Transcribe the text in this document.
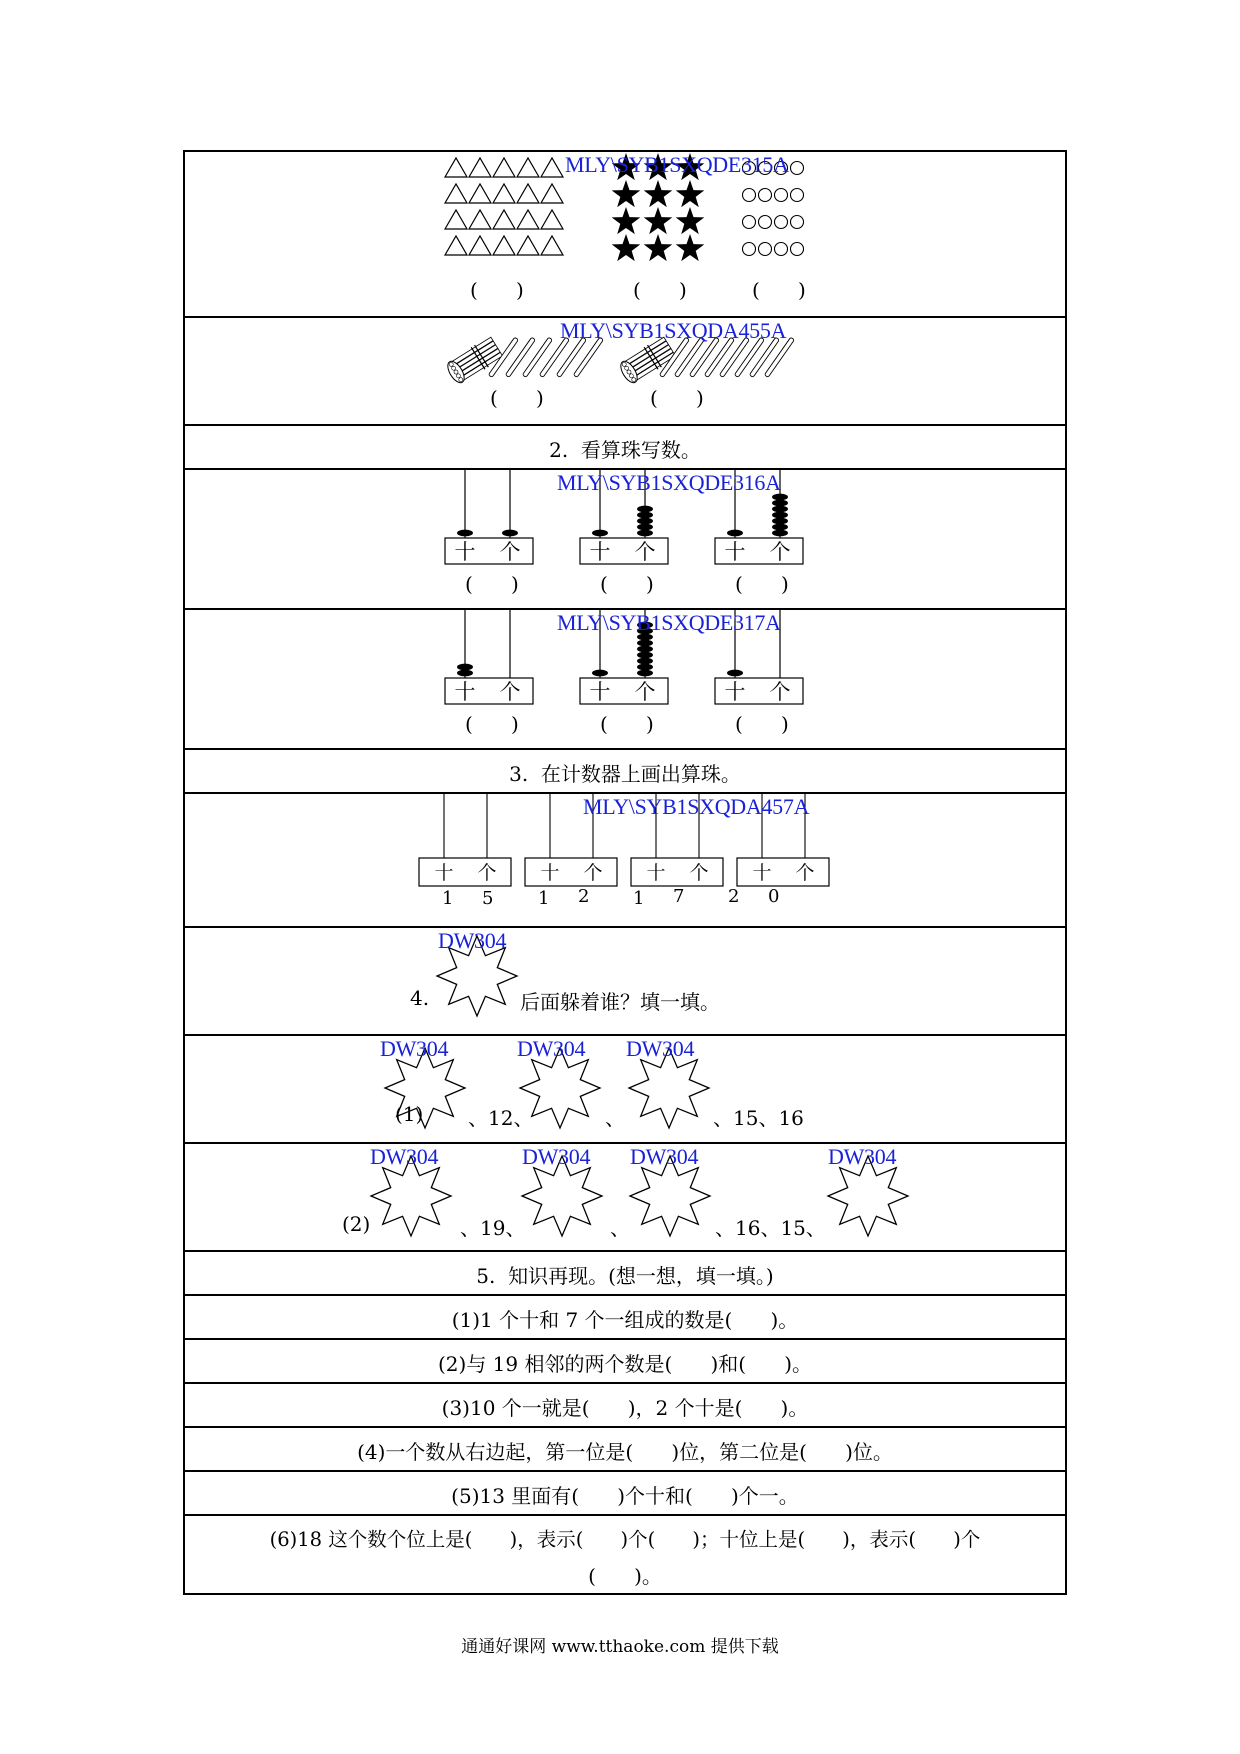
MLY\SYB1SXQDE315A
(      )	(      )	(      )
MLY\SYB1SXQDA455A
(      )	(      )
2.  看算珠写数。
十 个	十 个	十 个
MLY\SYB1SXQDE316A
(      )	(      )	(      )
十 个	十 个	十 个
MLY\SYB1SXQDE317A
(      )	(      )	(      )
3.  在计数器上画出算珠。
十 个 十 个 十 个 十 个
MLY\SYB1SXQDA457A
1 5 1 2 1 7 2 0
DW304
4.	后面躲着谁？填一填。
DW304	DW304 DW304
(1) 、12、	、	、15、16
DW304	DW304 DW304	DW304
(2)	、19、	、	、16、15、
5.  知识再现。(想一想，填一填。)
(1)1 个十和 7 个一组成的数是(      )。
(2)与 19 相邻的两个数是(      )和(      )。
(3)10 个一就是(      )，2 个十是(      )。
(4)一个数从右边起，第一位是(      )位，第二位是(      )位。
(5)13 里面有(      )个十和(      )个一。
(6)18 这个数个位上是(      )，表示(      )个(      )；十位上是(      )，表示(      )个
(      )。
通通好课网 www.tthaoke.com 提供下载
